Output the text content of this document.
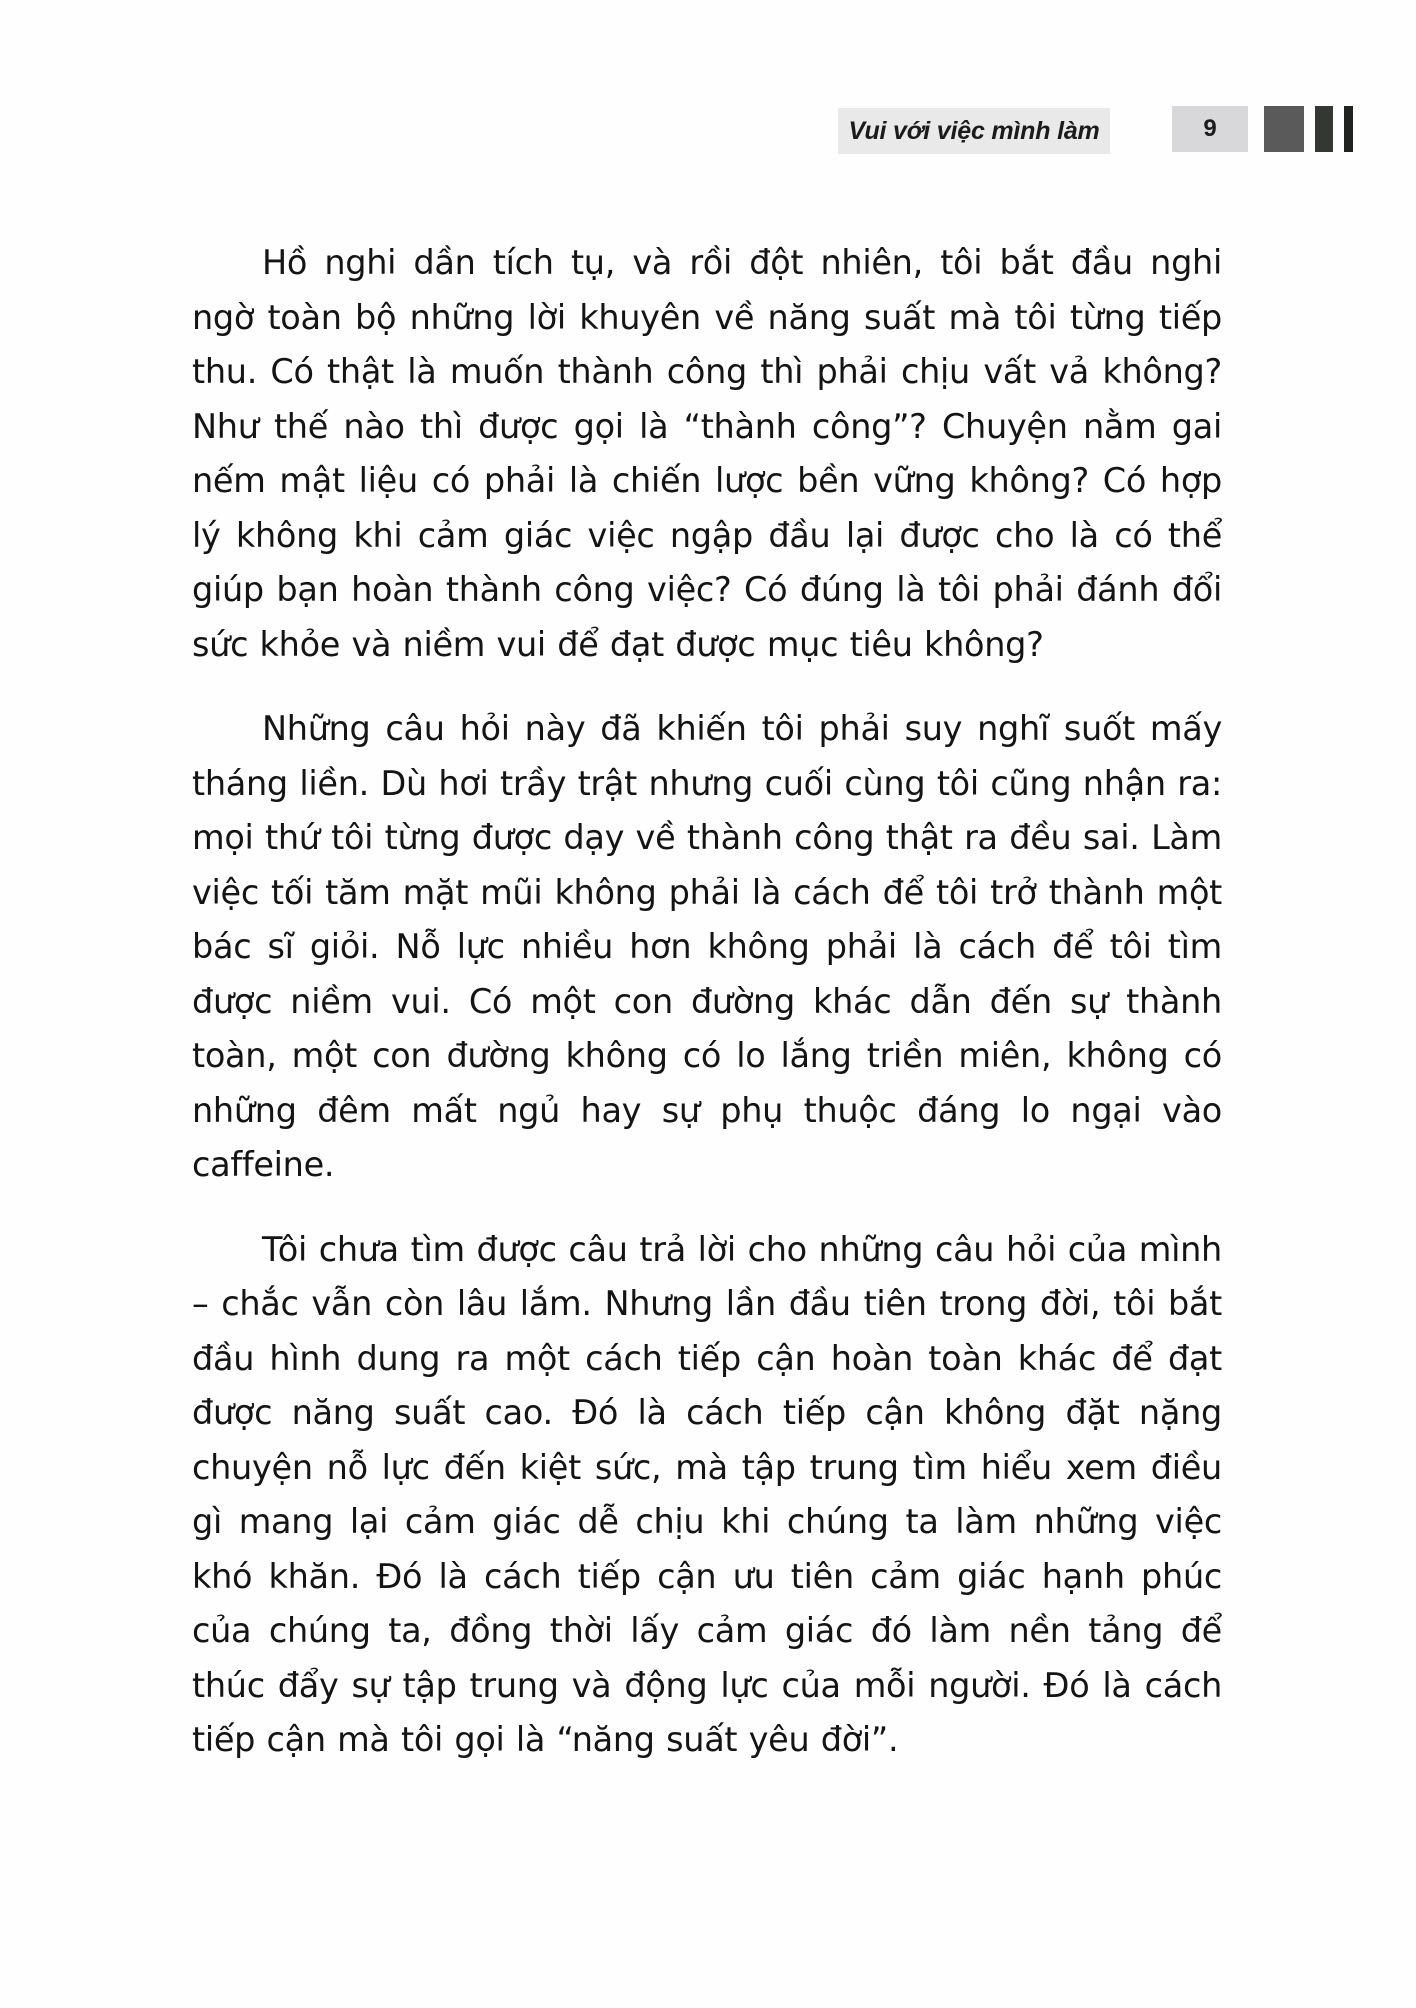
Vui với việc mình làm	9

Hồ nghi dần tích tụ, và rồi đột nhiên, tôi bắt đầu nghi ngờ toàn bộ những lời khuyên về năng suất mà tôi từng tiếp thu. Có thật là muốn thành công thì phải chịu vất vả không? Như thế nào thì được gọi là “thành công”? Chuyện nằm gai nếm mật liệu có phải là chiến lược bền vững không? Có hợp lý không khi cảm giác việc ngập đầu lại được cho là có thể giúp bạn hoàn thành công việc? Có đúng là tôi phải đánh đổi sức khỏe và niềm vui để đạt được mục tiêu không?

Những câu hỏi này đã khiến tôi phải suy nghĩ suốt mấy tháng liền. Dù hơi trầy trật nhưng cuối cùng tôi cũng nhận ra: mọi thứ tôi từng được dạy về thành công thật ra đều sai. Làm việc tối tăm mặt mũi không phải là cách để tôi trở thành một bác sĩ giỏi. Nỗ lực nhiều hơn không phải là cách để tôi tìm được niềm vui. Có một con đường khác dẫn đến sự thành toàn, một con đường không có lo lắng triền miên, không có những đêm mất ngủ hay sự phụ thuộc đáng lo ngại vào caffeine.

Tôi chưa tìm được câu trả lời cho những câu hỏi của mình – chắc vẫn còn lâu lắm. Nhưng lần đầu tiên trong đời, tôi bắt đầu hình dung ra một cách tiếp cận hoàn toàn khác để đạt được năng suất cao. Đó là cách tiếp cận không đặt nặng chuyện nỗ lực đến kiệt sức, mà tập trung tìm hiểu xem điều gì mang lại cảm giác dễ chịu khi chúng ta làm những việc khó khăn. Đó là cách tiếp cận ưu tiên cảm giác hạnh phúc của chúng ta, đồng thời lấy cảm giác đó làm nền tảng để thúc đẩy sự tập trung và động lực của mỗi người. Đó là cách tiếp cận mà tôi gọi là “năng suất yêu đời”.
